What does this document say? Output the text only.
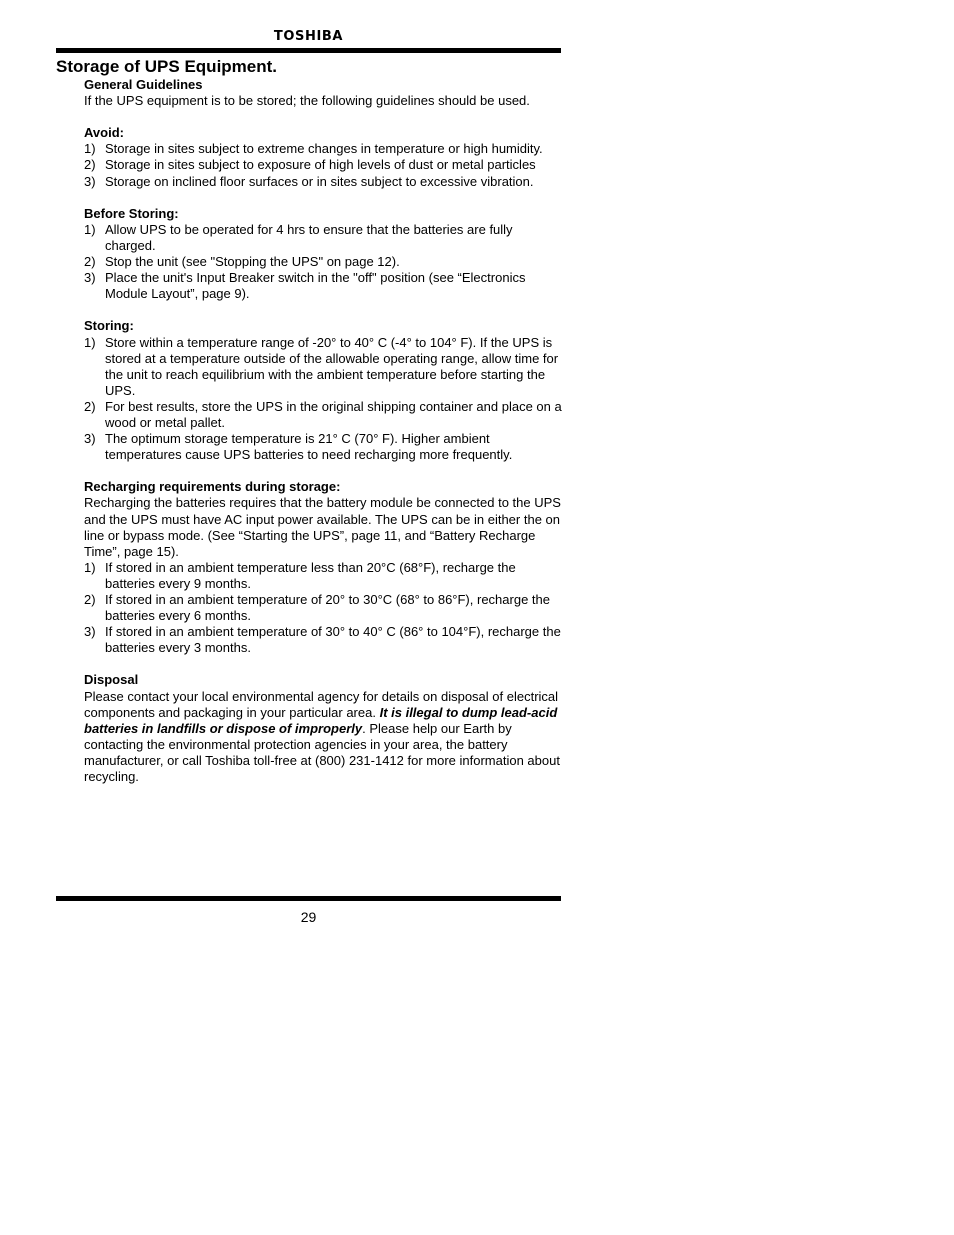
TOSHIBA
Storage of UPS Equipment.

General Guidelines

If the UPS equipment is to be stored; the following guidelines should be used.

Avoid:

1) Storage in sites subject to extreme changes in temperature or high humidity.
2) Storage in sites subject to exposure of high levels of dust or metal particles
3) Storage on inclined floor surfaces or in sites subject to excessive vibration.

Before Storing:

1) Allow UPS to be operated for 4 hrs to ensure that the batteries are fully charged.
2) Stop the unit (see "Stopping the UPS" on page 12).
3) Place the unit's Input Breaker switch in the "off" position (see “Electronics Module Layout”, page 9).

Storing:

1) Store within a temperature range of -20° to 40° C (-4° to 104° F). If the UPS is stored at a temperature outside of the allowable operating range, allow time for the unit to reach equilibrium with the ambient temperature before starting the UPS.
2) For best results, store the UPS in the original shipping container and place on a wood or metal pallet.
3) The optimum storage temperature is 21° C (70° F). Higher ambient temperatures cause UPS batteries to need recharging more frequently.

Recharging requirements during storage:

Recharging the batteries requires that the battery module be connected to the UPS and the UPS must have AC input power available. The UPS can be in either the on line or bypass mode. (See “Starting the UPS”, page 11, and “Battery Recharge Time”, page 15).

1) If stored in an ambient temperature less than 20°C (68°F), recharge the batteries every 9 months.
2) If stored in an ambient temperature of 20° to 30°C (68° to 86°F), recharge the batteries every 6 months.
3) If stored in an ambient temperature of 30° to 40° C (86° to 104°F), recharge the batteries every 3 months.

Disposal

Please contact your local environmental agency for details on disposal of electrical components and packaging in your particular area. It is illegal to dump lead-acid batteries in landfills or dispose of improperly. Please help our Earth by contacting the environmental protection agencies in your area, the battery manufacturer, or call Toshiba toll-free at (800) 231-1412 for more information about recycling.

29
